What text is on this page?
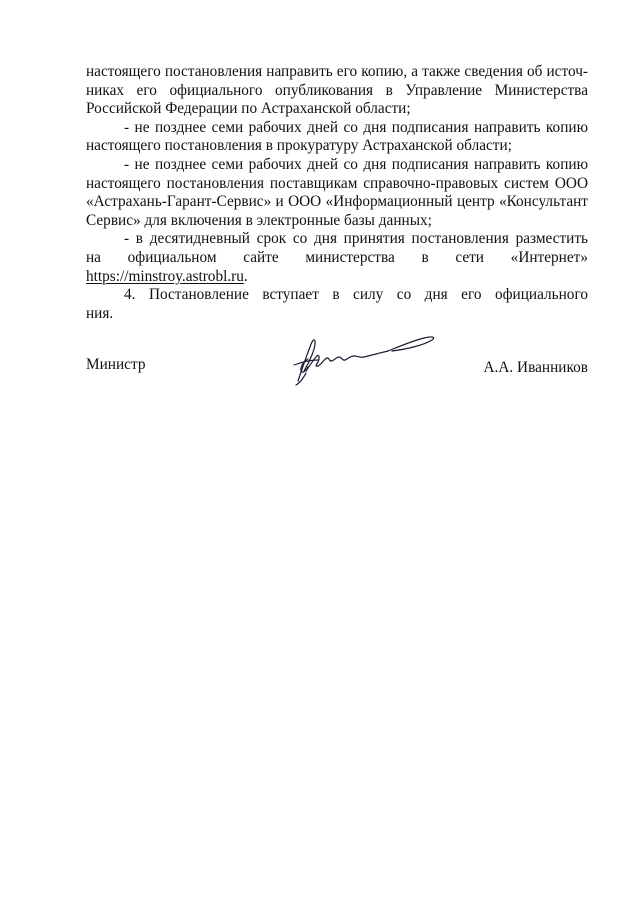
настоящего постановления направить его копию, а также сведения об источ-
никах его официального опубликования в Управление Министерства
Российской Федерации по Астраханской области;
- не позднее семи рабочих дней со дня подписания направить копию
настоящего постановления в прокуратуру Астраханской области;
- не позднее семи рабочих дней со дня подписания направить копию
настоящего постановления поставщикам справочно-правовых систем ООО
«Астрахань-Гарант-Сервис» и ООО «Информационный центр «Консультант
Сервис» для включения в электронные базы данных;
- в десятидневный срок со дня принятия постановления разместить
на официальном сайте министерства в сети «Интернет»
https://minstroy.astrobl.ru.
4. Постановление вступает в силу со дня его официального
ния.
Министр	А.А. Иванников
